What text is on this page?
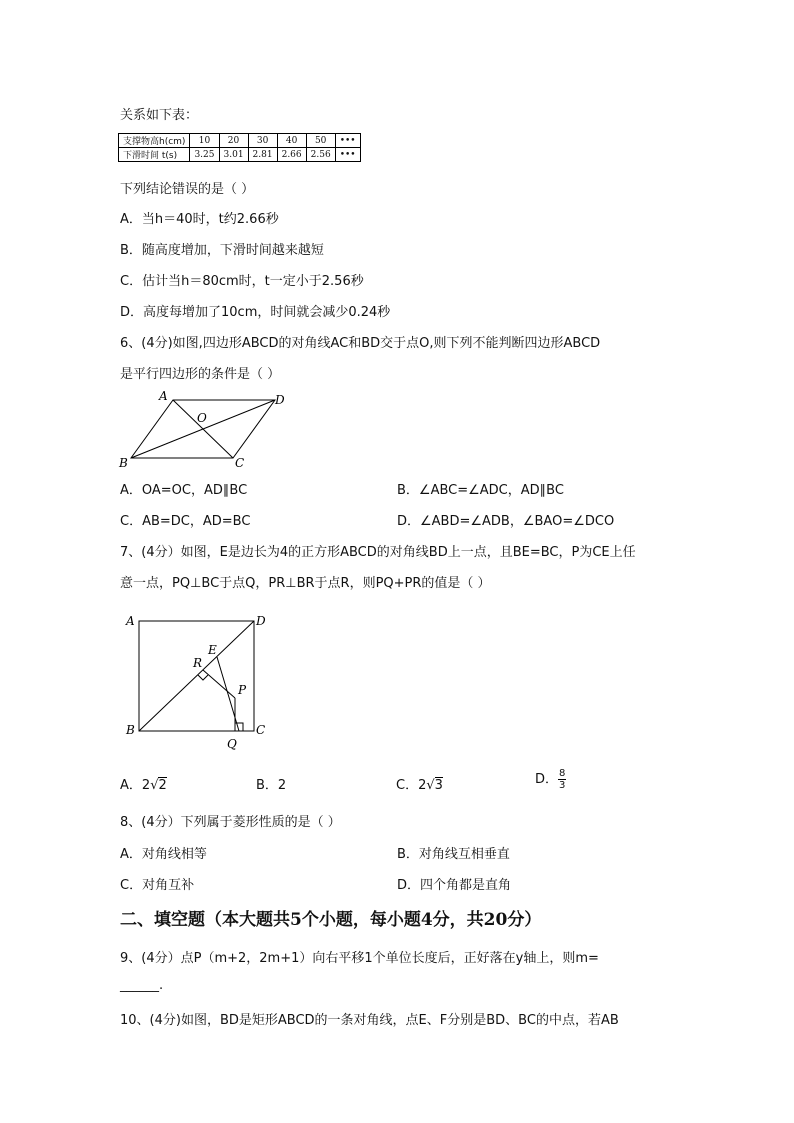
关系如下表：
支撑物高h(cm)	10	20	30	40	50	•••
下滑时间 t(s)	3.25	3.01	2.81	2.66	2.56	•••
下列结论错误的是（ ）
A．当h＝40时，t约2.66秒
B．随高度增加，下滑时间越来越短
C．估计当h＝80cm时，t一定小于2.56秒
D．高度每增加了10cm，时间就会减少0.24秒
6、(4分)如图,四边形ABCD的对角线AC和BD交于点O,则下列不能判断四边形ABCD
是平行四边形的条件是（ ）
A	D
B	C
O
A．OA=OC，AD∥BC	B．∠ABC=∠ADC，AD∥BC
C．AB=DC，AD=BC	D．∠ABD=∠ADB，∠BAO=∠DCO
7、(4分）如图，E是边长为4的正方形ABCD的对角线BD上一点，且BE=BC，P为CE上任
意一点，PQ⊥BC于点Q，PR⊥BR于点R，则PQ+PR的值是（ ）
A	D
B	C
E
R
P
Q
A．2√2	B．2	C．2√3	D． $\frac{8}{3}$
8、(4分）下列属于菱形性质的是（ ）
A．对角线相等	B．对角线互相垂直
C．对角互补	D．四个角都是直角
二、填空题（本大题共5个小题，每小题4分，共20分）
9、(4分）点P（m+2，2m+1）向右平移1个单位长度后，正好落在y轴上，则m=
______.
10、(4分)如图，BD是矩形ABCD的一条对角线，点E、F分别是BD、BC的中点，若AB
